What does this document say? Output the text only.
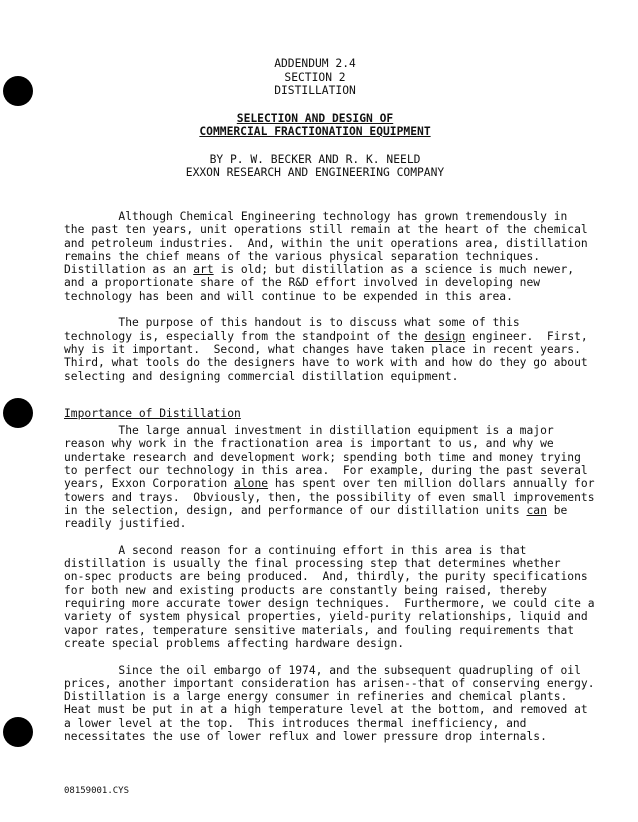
ADDENDUM 2.4
SECTION 2
DISTILLATION
SELECTION AND DESIGN OF
COMMERCIAL FRACTIONATION EQUIPMENT
BY P. W. BECKER AND R. K. NEELD
EXXON RESEARCH AND ENGINEERING COMPANY
Although Chemical Engineering technology has grown tremendously in
the past ten years, unit operations still remain at the heart of the chemical
and petroleum industries.  And, within the unit operations area, distillation
remains the chief means of the various physical separation techniques.
Distillation as an art is old; but distillation as a science is much newer,
and a proportionate share of the R&D effort involved in developing new
technology has been and will continue to be expended in this area.
The purpose of this handout is to discuss what some of this
technology is, especially from the standpoint of the design engineer.  First,
why is it important.  Second, what changes have taken place in recent years.
Third, what tools do the designers have to work with and how do they go about
selecting and designing commercial distillation equipment.
Importance of Distillation
The large annual investment in distillation equipment is a major
reason why work in the fractionation area is important to us, and why we
undertake research and development work; spending both time and money trying
to perfect our technology in this area.  For example, during the past several
years, Exxon Corporation alone has spent over ten million dollars annually for
towers and trays.  Obviously, then, the possibility of even small improvements
in the selection, design, and performance of our distillation units can be
readily justified.
A second reason for a continuing effort in this area is that
distillation is usually the final processing step that determines whether
on-spec products are being produced.  And, thirdly, the purity specifications
for both new and existing products are constantly being raised, thereby
requiring more accurate tower design techniques.  Furthermore, we could cite a
variety of system physical properties, yield-purity relationships, liquid and
vapor rates, temperature sensitive materials, and fouling requirements that
create special problems affecting hardware design.
Since the oil embargo of 1974, and the subsequent quadrupling of oil
prices, another important consideration has arisen--that of conserving energy.
Distillation is a large energy consumer in refineries and chemical plants.
Heat must be put in at a high temperature level at the bottom, and removed at
a lower level at the top.  This introduces thermal inefficiency, and
necessitates the use of lower reflux and lower pressure drop internals.
08159001.CYS
